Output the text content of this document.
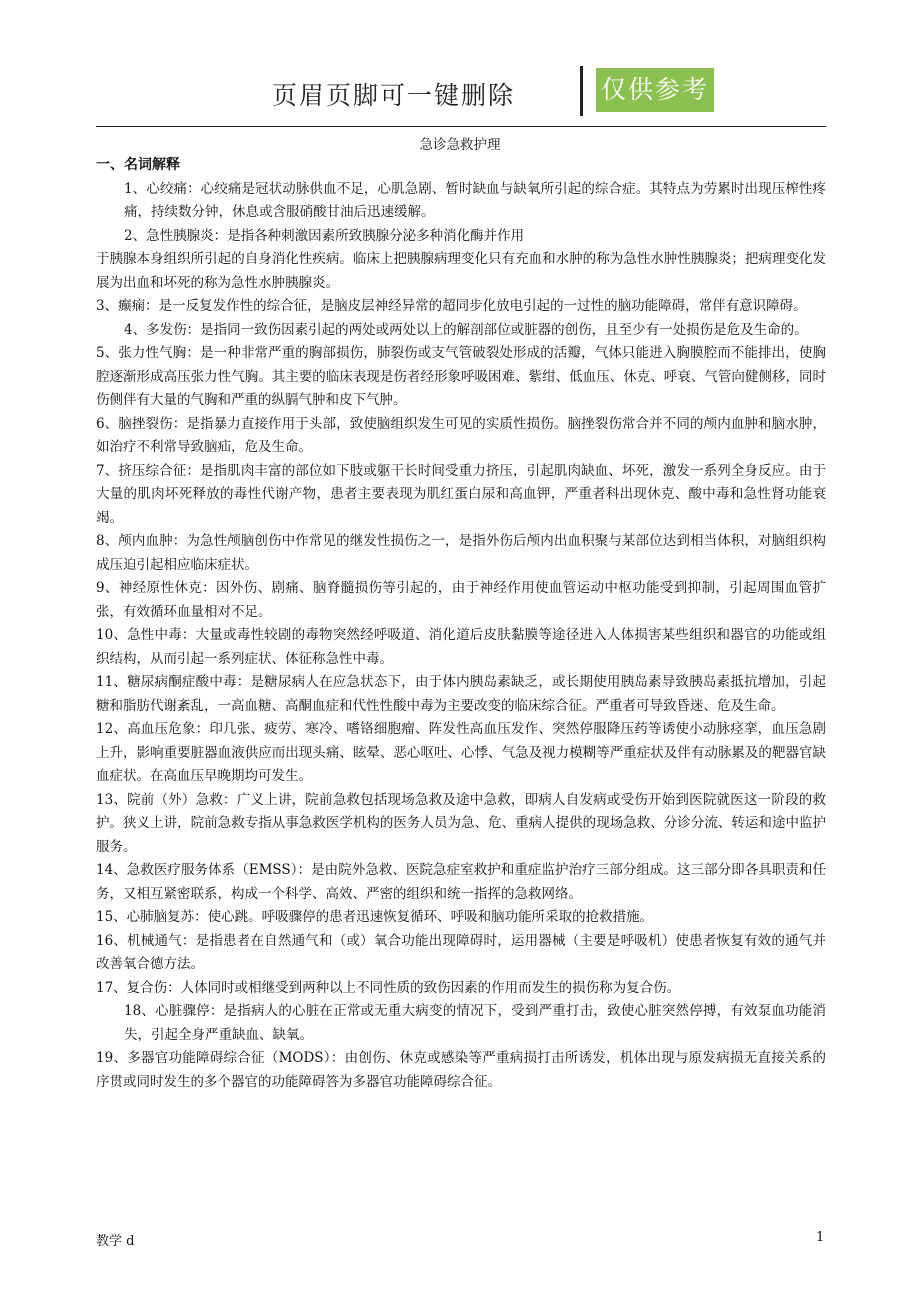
页眉页脚可一键删除	仅供参考
急诊急救护理

一、名词解释

1、心绞痛：心绞痛是冠状动脉供血不足，心肌急剧、暂时缺血与缺氧所引起的综合症。其特点为劳累时出现压榨性疼痛，持续数分钟，休息或含服硝酸甘油后迅速缓解。

2、急性胰腺炎：是指各种刺激因素所致胰腺分泌多种消化酶并作用

于胰腺本身组织所引起的自身消化性疾病。临床上把胰腺病理变化只有充血和水肿的称为急性水肿性胰腺炎；把病理变化发展为出血和坏死的称为急性水肿胰腺炎。

3、癫痫：是一反复发作性的综合征，是脑皮层神经异常的超同步化放电引起的一过性的脑功能障碍，常伴有意识障碍。

4、多发伤：是指同一致伤因素引起的两处或两处以上的解剖部位或脏器的创伤，且至少有一处损伤是危及生命的。

5、张力性气胸：是一种非常严重的胸部损伤，肺裂伤或支气管破裂处形成的活瓣，气体只能进入胸膜腔而不能排出，使胸腔逐渐形成高压张力性气胸。其主要的临床表现是伤者经形象呼吸困难、紫绀、低血压、休克、呼衰、气管向健侧移，同时伤侧伴有大量的气胸和严重的纵膈气肿和皮下气肿。

6、脑挫裂伤：是指暴力直接作用于头部，致使脑组织发生可见的实质性损伤。脑挫裂伤常合并不同的颅内血肿和脑水肿，如治疗不利常导致脑疝，危及生命。

7、挤压综合征：是指肌肉丰富的部位如下肢或躯干长时间受重力挤压，引起肌肉缺血、坏死，激发一系列全身反应。由于大量的肌肉坏死释放的毒性代谢产物，患者主要表现为肌红蛋白尿和高血钾，严重者科出现休克、酸中毒和急性肾功能衰竭。

8、颅内血肿：为急性颅脑创伤中作常见的继发性损伤之一，是指外伤后颅内出血积聚与某部位达到相当体积，对脑组织构成压迫引起相应临床症状。

9、神经原性休克：因外伤、剧痛、脑脊髓损伤等引起的，由于神经作用使血管运动中枢功能受到抑制，引起周围血管扩张，有效循环血量相对不足。

10、急性中毒：大量或毒性较剧的毒物突然经呼吸道、消化道后皮肤黏膜等途径进入人体损害某些组织和器官的功能或组织结构，从而引起一系列症状、体征称急性中毒。

11、糖尿病酮症酸中毒：是糖尿病人在应急状态下，由于体内胰岛素缺乏，或长期使用胰岛素导致胰岛素抵抗增加，引起糖和脂肪代谢紊乱，一高血糖、高酮血症和代性性酸中毒为主要改变的临床综合征。严重者可导致昏迷、危及生命。

12、高血压危象：印几张、疲劳、寒冷、嗜铬细胞瘤、阵发性高血压发作、突然停服降压药等诱使小动脉痉挛，血压急剧上升，影响重要脏器血液供应而出现头痛、眩晕、恶心呕吐、心悸、气急及视力模糊等严重症状及伴有动脉累及的靶器官缺血症状。在高血压早晚期均可发生。

13、院前（外）急救：广义上讲，院前急救包括现场急救及途中急救，即病人自发病或受伤开始到医院就医这一阶段的救护。狭义上讲，院前急救专指从事急救医学机构的医务人员为急、危、重病人提供的现场急救、分诊分流、转运和途中监护服务。

14、急救医疗服务体系（EMSS）：是由院外急救、医院急症室救护和重症监护治疗三部分组成。这三部分即各具职责和任务，又相互紧密联系，构成一个科学、高效、严密的组织和统一指挥的急救网络。

15、心肺脑复苏：使心跳。呼吸骤停的患者迅速恢复循环、呼吸和脑功能所采取的抢救措施。

16、机械通气：是指患者在自然通气和（或）氧合功能出现障碍时，运用器械（主要是呼吸机）使患者恢复有效的通气并改善氧合德方法。

17、复合伤：人体同时或相继受到两种以上不同性质的致伤因素的作用而发生的损伤称为复合伤。

18、心脏骤停：是指病人的心脏在正常或无重大病变的情况下，受到严重打击，致使心脏突然停搏，有效泵血功能消失，引起全身严重缺血、缺氧。

19、多器官功能障碍综合征（MODS）：由创伤、休克或感染等严重病损打击所诱发，机体出现与原发病损无直接关系的序贯或同时发生的多个器官的功能障碍答为多器官功能障碍综合征。

教学 d	1
